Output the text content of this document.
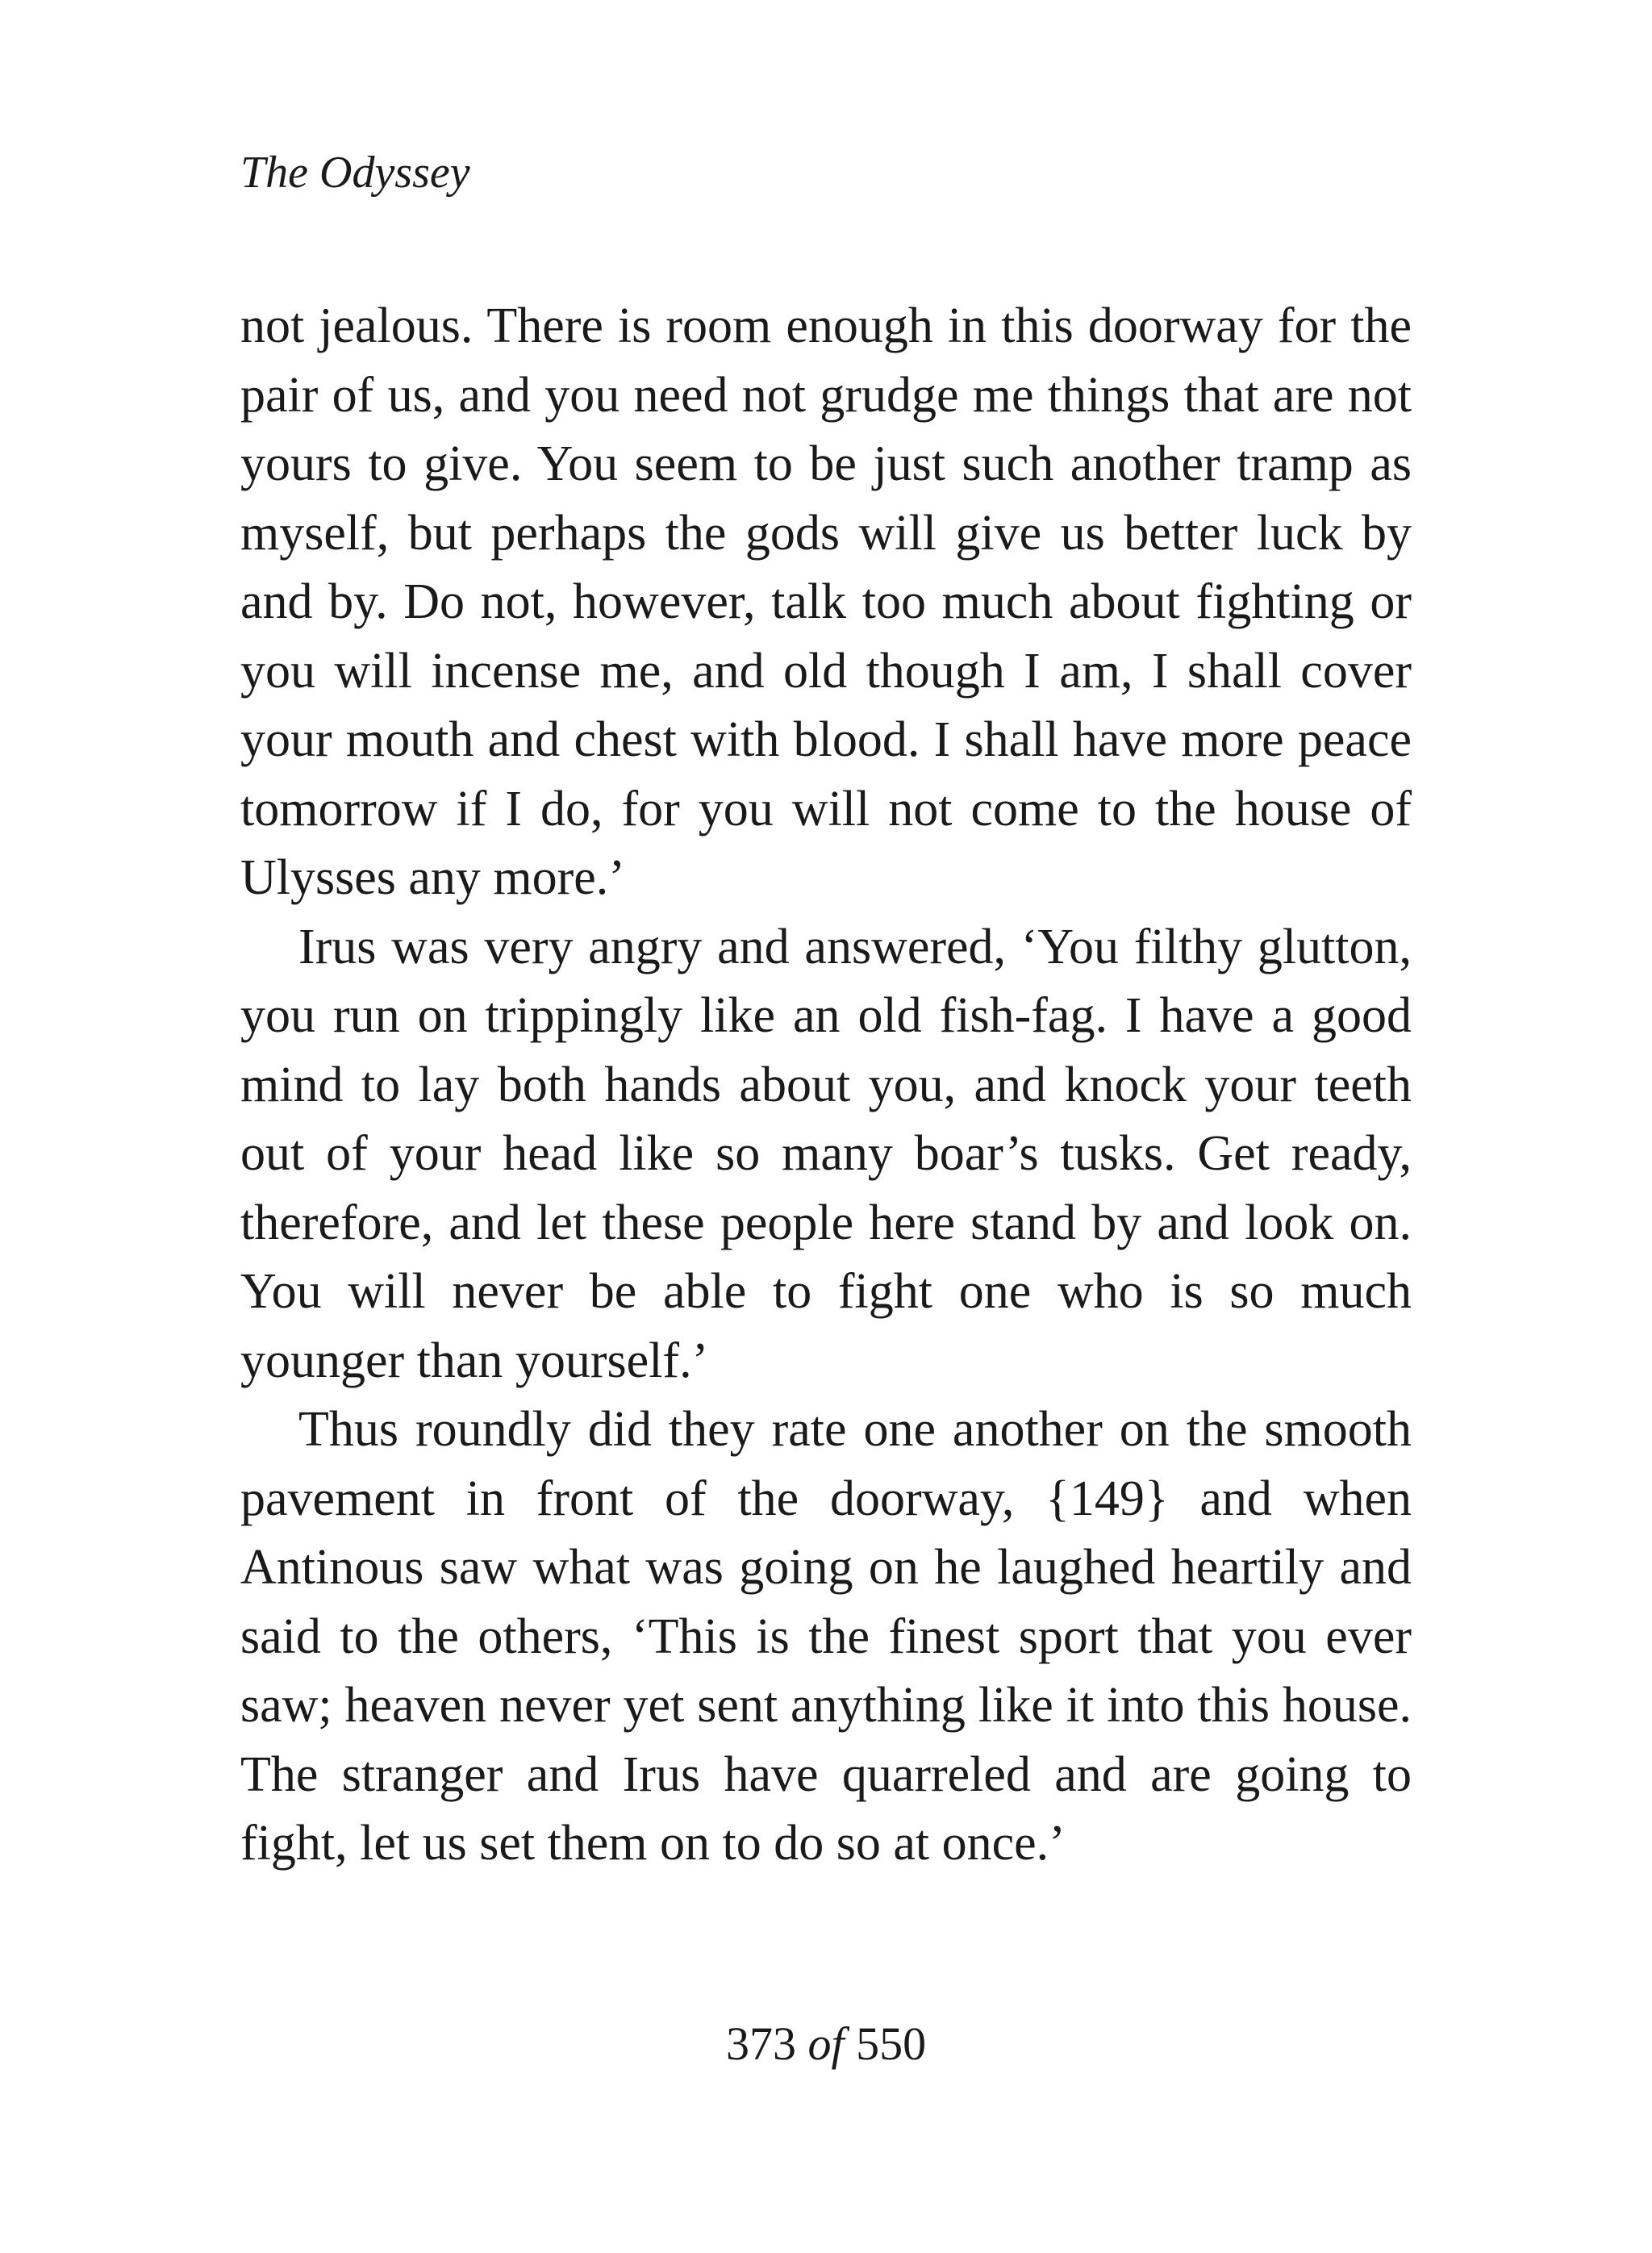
The Odyssey

not jealous. There is room enough in this doorway for the pair of us, and you need not grudge me things that are not yours to give. You seem to be just such another tramp as myself, but perhaps the gods will give us better luck by and by. Do not, however, talk too much about fighting or you will incense me, and old though I am, I shall cover your mouth and chest with blood. I shall have more peace tomorrow if I do, for you will not come to the house of Ulysses any more.’

Irus was very angry and answered, ‘You filthy glutton, you run on trippingly like an old fish-fag. I have a good mind to lay both hands about you, and knock your teeth out of your head like so many boar’s tusks. Get ready, therefore, and let these people here stand by and look on. You will never be able to fight one who is so much younger than yourself.’

Thus roundly did they rate one another on the smooth pavement in front of the doorway, {149} and when Antinous saw what was going on he laughed heartily and said to the others, ‘This is the finest sport that you ever saw; heaven never yet sent anything like it into this house. The stranger and Irus have quarreled and are going to fight, let us set them on to do so at once.’

373 of 550
